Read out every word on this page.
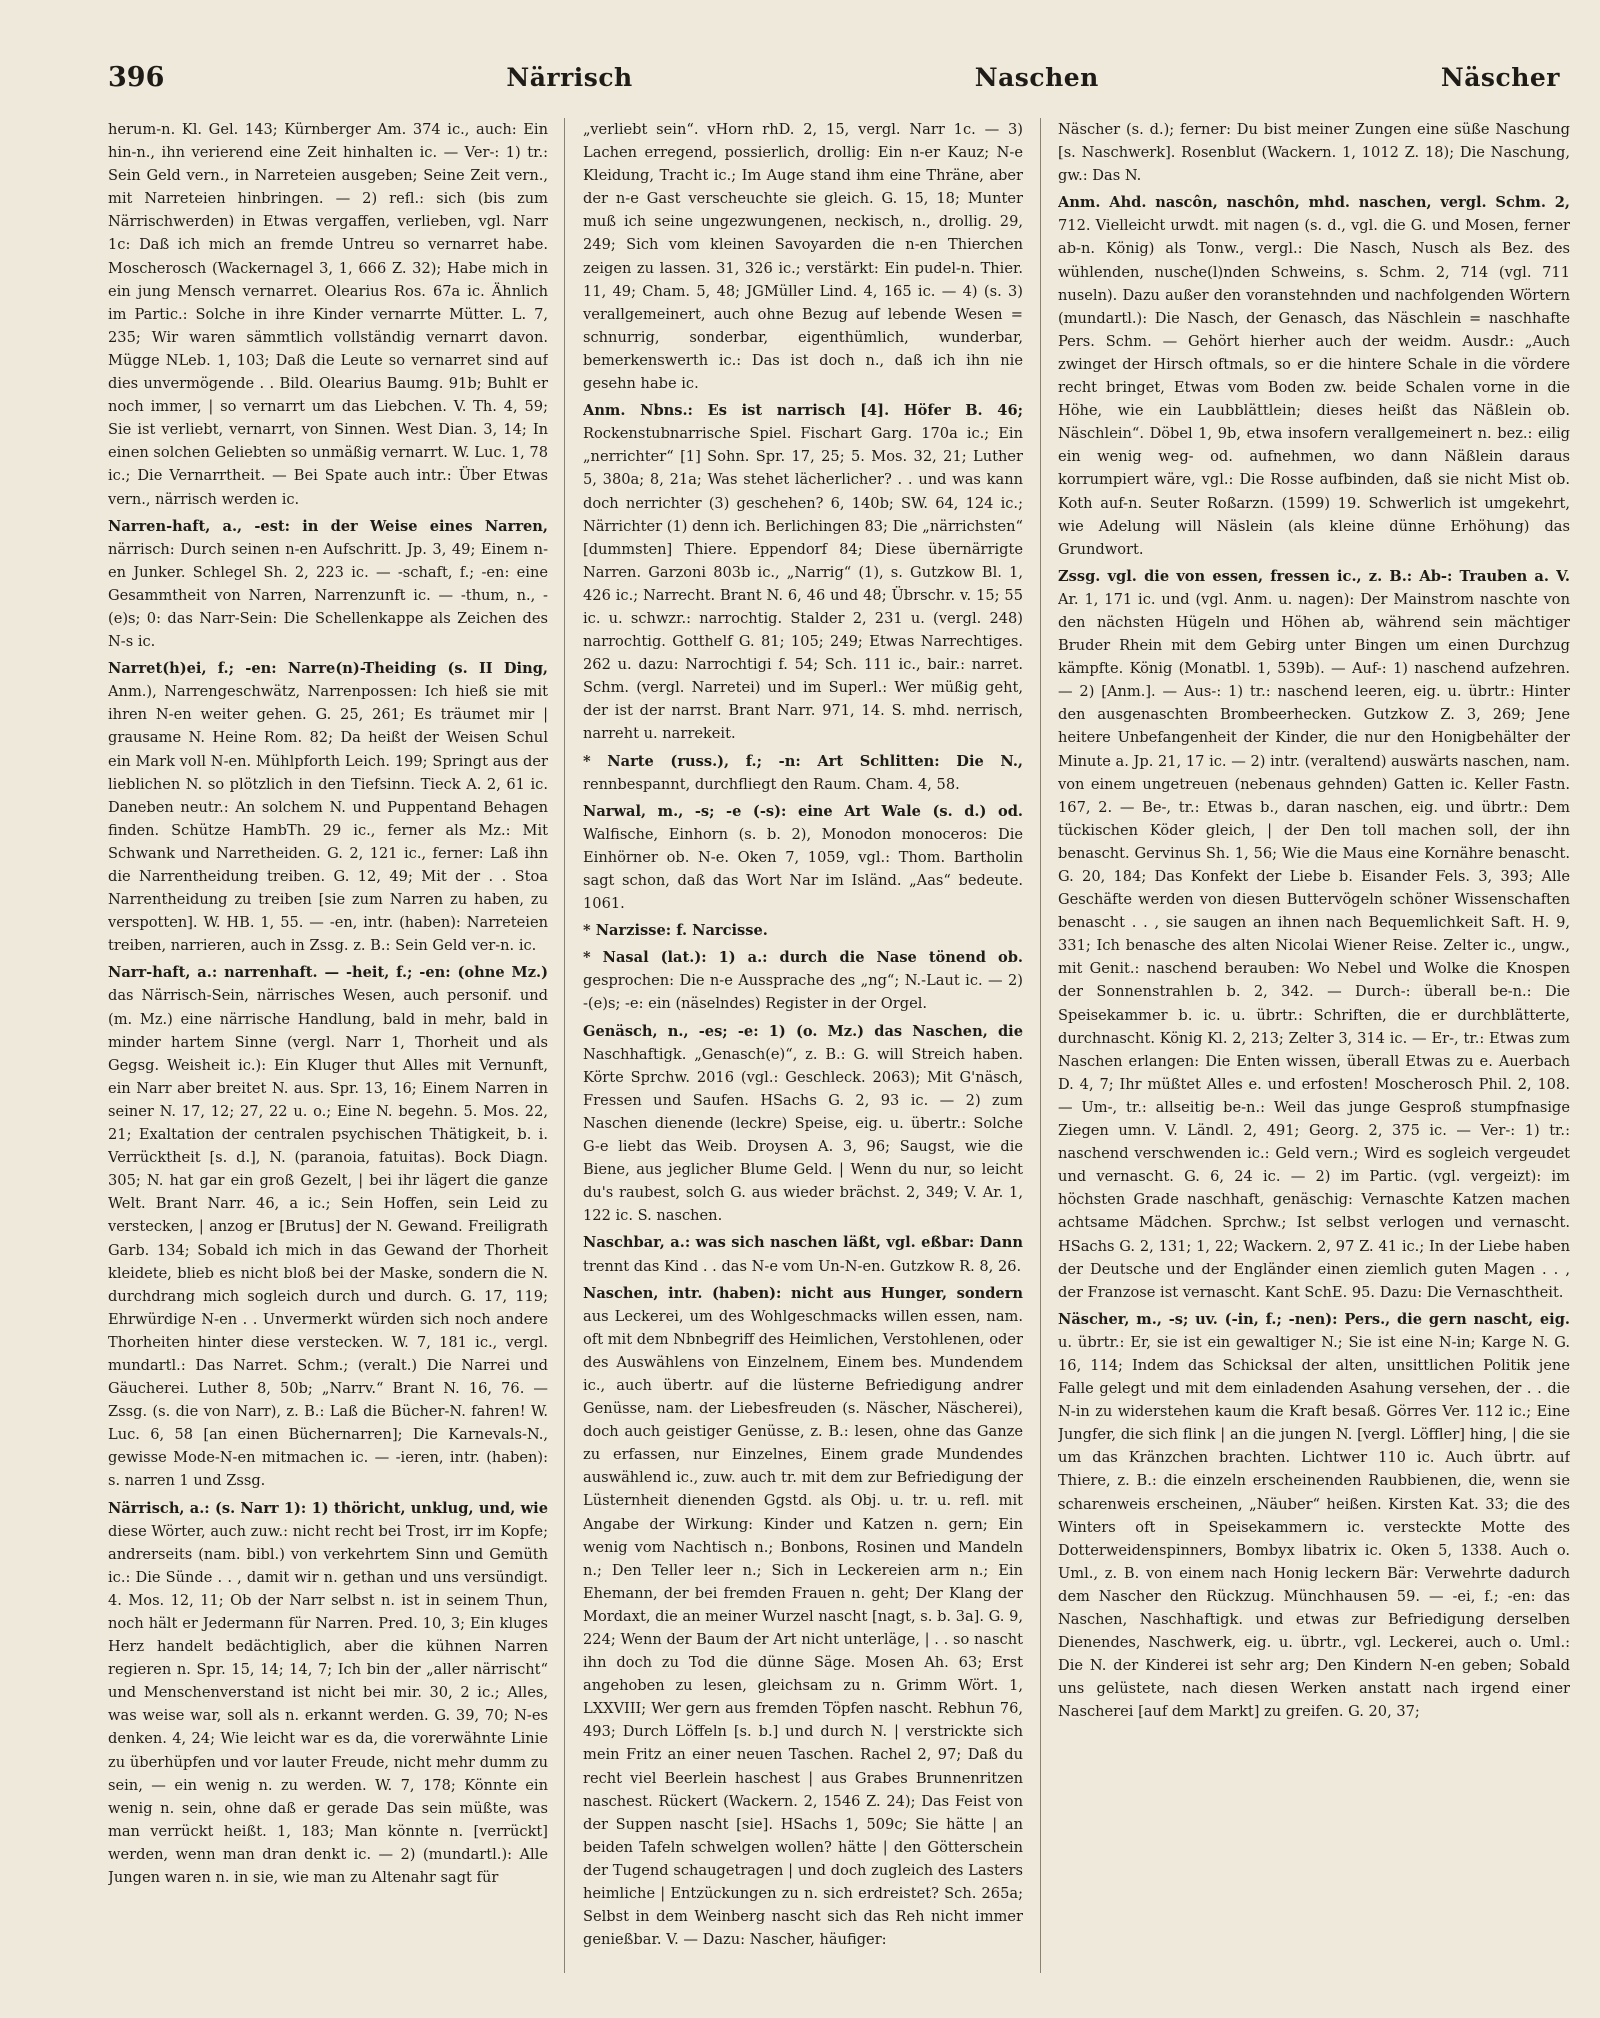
396	Närrisch	Naschen	Näscher

herum-n. Kl. Gel. 143; Kürnberger Am. 374 ic., auch: Ein hin-n., ihn verierend eine Zeit hinhalten ic. — Ver-: 1) tr.: Sein Geld vern., in Narreteien ausgeben; Seine Zeit vern., mit Narreteien hinbringen. — 2) refl.: sich (bis zum Närrischwerden) in Etwas vergaffen, verlieben, vgl. Narr 1c: Daß ich mich an fremde Untreu so vernarret habe. Moscherosch (Wackernagel 3, 1, 666 Z. 32); Habe mich in ein jung Mensch vernarret. Olearius Ros. 67a ic. Ähnlich im Partic.: Solche in ihre Kinder vernarrte Mütter. L. 7, 235; Wir waren sämmtlich vollständig vernarrt davon. Mügge NLeb. 1, 103; Daß die Leute so vernarret sind auf dies unvermögende . . Bild. Olearius Baumg. 91b; Buhlt er noch immer, | so vernarrt um das Liebchen. V. Th. 4, 59; Sie ist verliebt, vernarrt, von Sinnen. West Dian. 3, 14; In einen solchen Geliebten so unmäßig vernarrt. W. Luc. 1, 78 ic.; Die Vernarrtheit. — Bei Spate auch intr.: Über Etwas vern., närrisch werden ic.

Narren-haft, a., -est: in der Weise eines Narren, närrisch: Durch seinen n-en Aufschritt. Jp. 3, 49; Einem n-en Junker. Schlegel Sh. 2, 223 ic. — -schaft, f.; -en: eine Gesammtheit von Narren, Narrenzunft ic. — -thum, n., -(e)s; 0: das Narr-Sein: Die Schellenkappe als Zeichen des N-s ic.

Narret(h)ei, f.; -en: Narre(n)-Theiding (s. II Ding, Anm.), Narrengeschwätz, Narrenpossen: Ich hieß sie mit ihren N-en weiter gehen. G. 25, 261; Es träumet mir | grausame N. Heine Rom. 82; Da heißt der Weisen Schul ein Mark voll N-en. Mühlpforth Leich. 199; Springt aus der lieblichen N. so plötzlich in den Tiefsinn. Tieck A. 2, 61 ic. Daneben neutr.: An solchem N. und Puppentand Behagen finden. Schütze HambTh. 29 ic., ferner als Mz.: Mit Schwank und Narretheiden. G. 2, 121 ic., ferner: Laß ihn die Narrentheidung treiben. G. 12, 49; Mit der . . Stoa Narrentheidung zu treiben [sie zum Narren zu haben, zu verspotten]. W. HB. 1, 55. — -en, intr. (haben): Narreteien treiben, narrieren, auch in Zssg. z. B.: Sein Geld ver-n. ic.

Narr-haft, a.: narrenhaft. — -heit, f.; -en: (ohne Mz.) das Närrisch-Sein, närrisches Wesen, auch personif. und (m. Mz.) eine närrische Handlung, bald in mehr, bald in minder hartem Sinne (vergl. Narr 1, Thorheit und als Gegsg. Weisheit ic.): Ein Kluger thut Alles mit Vernunft, ein Narr aber breitet N. aus. Spr. 13, 16; Einem Narren in seiner N. 17, 12; 27, 22 u. o.; Eine N. begehn. 5. Mos. 22, 21; Exaltation der centralen psychischen Thätigkeit, b. i. Verrücktheit [s. d.], N. (paranoia, fatuitas). Bock Diagn. 305; N. hat gar ein groß Gezelt, | bei ihr lägert die ganze Welt. Brant Narr. 46, a ic.; Sein Hoffen, sein Leid zu verstecken, | anzog er [Brutus] der N. Gewand. Freiligrath Garb. 134; Sobald ich mich in das Gewand der Thorheit kleidete, blieb es nicht bloß bei der Maske, sondern die N. durchdrang mich sogleich durch und durch. G. 17, 119; Ehrwürdige N-en . . Unvermerkt würden sich noch andere Thorheiten hinter diese verstecken. W. 7, 181 ic., vergl. mundartl.: Das Narret. Schm.; (veralt.) Die Narrei und Gäucherei. Luther 8, 50b; „Narrv.“ Brant N. 16, 76. — Zssg. (s. die von Narr), z. B.: Laß die Bücher-N. fahren! W. Luc. 6, 58 [an einen Büchernarren]; Die Karnevals-N., gewisse Mode-N-en mitmachen ic. — -ieren, intr. (haben): s. narren 1 und Zssg.

Närrisch, a.: (s. Narr 1): 1) thöricht, unklug, und, wie diese Wörter, auch zuw.: nicht recht bei Trost, irr im Kopfe; andrerseits (nam. bibl.) von verkehrtem Sinn und Gemüth ic.: Die Sünde . . , damit wir n. gethan und uns versündigt. 4. Mos. 12, 11; Ob der Narr selbst n. ist in seinem Thun, noch hält er Jedermann für Narren. Pred. 10, 3; Ein kluges Herz handelt bedächtiglich, aber die kühnen Narren regieren n. Spr. 15, 14; 14, 7; Ich bin der „aller närrischt“ und Menschenverstand ist nicht bei mir. 30, 2 ic.; Alles, was weise war, soll als n. erkannt werden. G. 39, 70; N-es denken. 4, 24; Wie leicht war es da, die vorerwähnte Linie zu überhüpfen und vor lauter Freude, nicht mehr dumm zu sein, — ein wenig n. zu werden. W. 7, 178; Könnte ein wenig n. sein, ohne daß er gerade Das sein müßte, was man verrückt heißt. 1, 183; Man könnte n. [verrückt] werden, wenn man dran denkt ic. — 2) (mundartl.): Alle Jungen waren n. in sie, wie man zu Altenahr sagt für

„verliebt sein“. vHorn rhD. 2, 15, vergl. Narr 1c. — 3) Lachen erregend, possierlich, drollig: Ein n-er Kauz; N-e Kleidung, Tracht ic.; Im Auge stand ihm eine Thräne, aber der n-e Gast verscheuchte sie gleich. G. 15, 18; Munter muß ich seine ungezwungenen, neckisch, n., drollig. 29, 249; Sich vom kleinen Savoyarden die n-en Thierchen zeigen zu lassen. 31, 326 ic.; verstärkt: Ein pudel-n. Thier. 11, 49; Cham. 5, 48; JGMüller Lind. 4, 165 ic. — 4) (s. 3) verallgemeinert, auch ohne Bezug auf lebende Wesen = schnurrig, sonderbar, eigenthümlich, wunderbar, bemerkenswerth ic.: Das ist doch n., daß ich ihn nie gesehn habe ic.

Anm. Nbns.: Es ist narrisch [4]. Höfer B. 46; Rockenstubnarrische Spiel. Fischart Garg. 170a ic.; Ein „nerrichter“ [1] Sohn. Spr. 17, 25; 5. Mos. 32, 21; Luther 5, 380a; 8, 21a; Was stehet lächerlicher? . . und was kann doch nerrichter (3) geschehen? 6, 140b; SW. 64, 124 ic.; Närrichter (1) denn ich. Berlichingen 83; Die „närrichsten“ [dummsten] Thiere. Eppendorf 84; Diese übernärrigte Narren. Garzoni 803b ic., „Narrig“ (1), s. Gutzkow Bl. 1, 426 ic.; Narrecht. Brant N. 6, 46 und 48; Übrschr. v. 15; 55 ic. u. schwzr.: narrochtig. Stalder 2, 231 u. (vergl. 248) narrochtig. Gotthelf G. 81; 105; 249; Etwas Narrechtiges. 262 u. dazu: Narrochtigi f. 54; Sch. 111 ic., bair.: narret. Schm. (vergl. Narretei) und im Superl.: Wer müßig geht, der ist der narrst. Brant Narr. 971, 14. S. mhd. nerrisch, narreht u. narrekeit.

* Narte (russ.), f.; -n: Art Schlitten: Die N., rennbespannt, durchfliegt den Raum. Cham. 4, 58.

Narwal, m., -s; -e (-s): eine Art Wale (s. d.) od. Walfische, Einhorn (s. b. 2), Monodon monoceros: Die Einhörner ob. N-e. Oken 7, 1059, vgl.: Thom. Bartholin sagt schon, daß das Wort Nar im Isländ. „Aas“ bedeute. 1061.

* Narzisse: f. Narcisse.

* Nasal (lat.): 1) a.: durch die Nase tönend ob. gesprochen: Die n-e Aussprache des „ng“; N.-Laut ic. — 2) -(e)s; -e: ein (näselndes) Register in der Orgel.

Genäsch, n., -es; -e: 1) (o. Mz.) das Naschen, die Naschhaftigk. „Genasch(e)“, z. B.: G. will Streich haben. Körte Sprchw. 2016 (vgl.: Geschleck. 2063); Mit G'näsch, Fressen und Saufen. HSachs G. 2, 93 ic. — 2) zum Naschen dienende (leckre) Speise, eig. u. übertr.: Solche G-e liebt das Weib. Droysen A. 3, 96; Saugst, wie die Biene, aus jeglicher Blume Geld. | Wenn du nur, so leicht du's raubest, solch G. aus wieder brächst. 2, 349; V. Ar. 1, 122 ic. S. naschen.

Naschbar, a.: was sich naschen läßt, vgl. eßbar: Dann trennt das Kind . . das N-e vom Un-N-en. Gutzkow R. 8, 26.

Naschen, intr. (haben): nicht aus Hunger, sondern aus Leckerei, um des Wohlgeschmacks willen essen, nam. oft mit dem Nbnbegriff des Heimlichen, Verstohlenen, oder des Auswählens von Einzelnem, Einem bes. Mundendem ic., auch übertr. auf die lüsterne Befriedigung andrer Genüsse, nam. der Liebesfreuden (s. Näscher, Näscherei), doch auch geistiger Genüsse, z. B.: lesen, ohne das Ganze zu erfassen, nur Einzelnes, Einem grade Mundendes auswählend ic., zuw. auch tr. mit dem zur Befriedigung der Lüsternheit dienenden Ggstd. als Obj. u. tr. u. refl. mit Angabe der Wirkung: Kinder und Katzen n. gern; Ein wenig vom Nachtisch n.; Bonbons, Rosinen und Mandeln n.; Den Teller leer n.; Sich in Leckereien arm n.; Ein Ehemann, der bei fremden Frauen n. geht; Der Klang der Mordaxt, die an meiner Wurzel nascht [nagt, s. b. 3a]. G. 9, 224; Wenn der Baum der Art nicht unterläge, | . . so nascht ihn doch zu Tod die dünne Säge. Mosen Ah. 63; Erst angehoben zu lesen, gleichsam zu n. Grimm Wört. 1, LXXVIII; Wer gern aus fremden Töpfen nascht. Rebhun 76, 493; Durch Löffeln [s. b.] und durch N. | verstrickte sich mein Fritz an einer neuen Taschen. Rachel 2, 97; Daß du recht viel Beerlein haschest | aus Grabes Brunnenritzen naschest. Rückert (Wackern. 2, 1546 Z. 24); Das Feist von der Suppen nascht [sie]. HSachs 1, 509c; Sie hätte | an beiden Tafeln schwelgen wollen? hätte | den Götterschein der Tugend schaugetragen | und doch zugleich des Lasters heimliche | Entzückungen zu n. sich erdreistet? Sch. 265a; Selbst in dem Weinberg nascht sich das Reh nicht immer genießbar. V. — Dazu: Nascher, häufiger:

Näscher (s. d.); ferner: Du bist meiner Zungen eine süße Naschung [s. Naschwerk]. Rosenblut (Wackern. 1, 1012 Z. 18); Die Naschung, gw.: Das N.

Anm. Ahd. nascôn, naschôn, mhd. naschen, vergl. Schm. 2, 712. Vielleicht urwdt. mit nagen (s. d., vgl. die G. und Mosen, ferner ab-n. König) als Tonw., vergl.: Die Nasch, Nusch als Bez. des wühlenden, nusche(l)nden Schweins, s. Schm. 2, 714 (vgl. 711 nuseln). Dazu außer den voranstehnden und nachfolgenden Wörtern (mundartl.): Die Nasch, der Genasch, das Näschlein = naschhafte Pers. Schm. — Gehört hierher auch der weidm. Ausdr.: „Auch zwinget der Hirsch oftmals, so er die hintere Schale in die vördere recht bringet, Etwas vom Boden zw. beide Schalen vorne in die Höhe, wie ein Laubblättlein; dieses heißt das Näßlein ob. Näschlein“. Döbel 1, 9b, etwa insofern verallgemeinert n. bez.: eilig ein wenig weg- od. aufnehmen, wo dann Näßlein daraus korrumpiert wäre, vgl.: Die Rosse aufbinden, daß sie nicht Mist ob. Koth auf-n. Seuter Roßarzn. (1599) 19. Schwerlich ist umgekehrt, wie Adelung will Näslein (als kleine dünne Erhöhung) das Grundwort.

Zssg. vgl. die von essen, fressen ic., z. B.: Ab-: Trauben a. V. Ar. 1, 171 ic. und (vgl. Anm. u. nagen): Der Mainstrom naschte von den nächsten Hügeln und Höhen ab, während sein mächtiger Bruder Rhein mit dem Gebirg unter Bingen um einen Durchzug kämpfte. König (Monatbl. 1, 539b). — Auf-: 1) naschend aufzehren. — 2) [Anm.]. — Aus-: 1) tr.: naschend leeren, eig. u. übrtr.: Hinter den ausgenaschten Brombeerhecken. Gutzkow Z. 3, 269; Jene heitere Unbefangenheit der Kinder, die nur den Honigbehälter der Minute a. Jp. 21, 17 ic. — 2) intr. (veraltend) auswärts naschen, nam. von einem ungetreuen (nebenaus gehnden) Gatten ic. Keller Fastn. 167, 2. — Be-, tr.: Etwas b., daran naschen, eig. und übrtr.: Dem tückischen Köder gleich, | der Den toll machen soll, der ihn benascht. Gervinus Sh. 1, 56; Wie die Maus eine Kornähre benascht. G. 20, 184; Das Konfekt der Liebe b. Eisander Fels. 3, 393; Alle Geschäfte werden von diesen Buttervögeln schöner Wissenschaften benascht . . , sie saugen an ihnen nach Bequemlichkeit Saft. H. 9, 331; Ich benasche des alten Nicolai Wiener Reise. Zelter ic., ungw., mit Genit.: naschend berauben: Wo Nebel und Wolke die Knospen der Sonnenstrahlen b. 2, 342. — Durch-: überall be-n.: Die Speisekammer b. ic. u. übrtr.: Schriften, die er durchblätterte, durchnascht. König Kl. 2, 213; Zelter 3, 314 ic. — Er-, tr.: Etwas zum Naschen erlangen: Die Enten wissen, überall Etwas zu e. Auerbach D. 4, 7; Ihr müßtet Alles e. und erfosten! Moscherosch Phil. 2, 108. — Um-, tr.: allseitig be-n.: Weil das junge Gesproß stumpfnasige Ziegen umn. V. Ländl. 2, 491; Georg. 2, 375 ic. — Ver-: 1) tr.: naschend verschwenden ic.: Geld vern.; Wird es sogleich vergeudet und vernascht. G. 6, 24 ic. — 2) im Partic. (vgl. vergeizt): im höchsten Grade naschhaft, genäschig: Vernaschte Katzen machen achtsame Mädchen. Sprchw.; Ist selbst verlogen und vernascht. HSachs G. 2, 131; 1, 22; Wackern. 2, 97 Z. 41 ic.; In der Liebe haben der Deutsche und der Engländer einen ziemlich guten Magen . . , der Franzose ist vernascht. Kant SchE. 95. Dazu: Die Vernaschtheit.

Näscher, m., -s; uv. (-in, f.; -nen): Pers., die gern nascht, eig. u. übrtr.: Er, sie ist ein gewaltiger N.; Sie ist eine N-in; Karge N. G. 16, 114; Indem das Schicksal der alten, unsittlichen Politik jene Falle gelegt und mit dem einladenden Asahung versehen, der . . die N-in zu widerstehen kaum die Kraft besaß. Görres Ver. 112 ic.; Eine Jungfer, die sich flink | an die jungen N. [vergl. Löffler] hing, | die sie um das Kränzchen brachten. Lichtwer 110 ic. Auch übrtr. auf Thiere, z. B.: die einzeln erscheinenden Raubbienen, die, wenn sie scharenweis erscheinen, „Näuber“ heißen. Kirsten Kat. 33; die des Winters oft in Speisekammern ic. versteckte Motte des Dotterweidenspinners, Bombyx libatrix ic. Oken 5, 1338. Auch o. Uml., z. B. von einem nach Honig leckern Bär: Verwehrte dadurch dem Nascher den Rückzug. Münchhausen 59. — -ei, f.; -en: das Naschen, Naschhaftigk. und etwas zur Befriedigung derselben Dienendes, Naschwerk, eig. u. übrtr., vgl. Leckerei, auch o. Uml.: Die N. der Kinderei ist sehr arg; Den Kindern N-en geben; Sobald uns gelüstete, nach diesen Werken anstatt nach irgend einer Nascherei [auf dem Markt] zu greifen. G. 20, 37;
